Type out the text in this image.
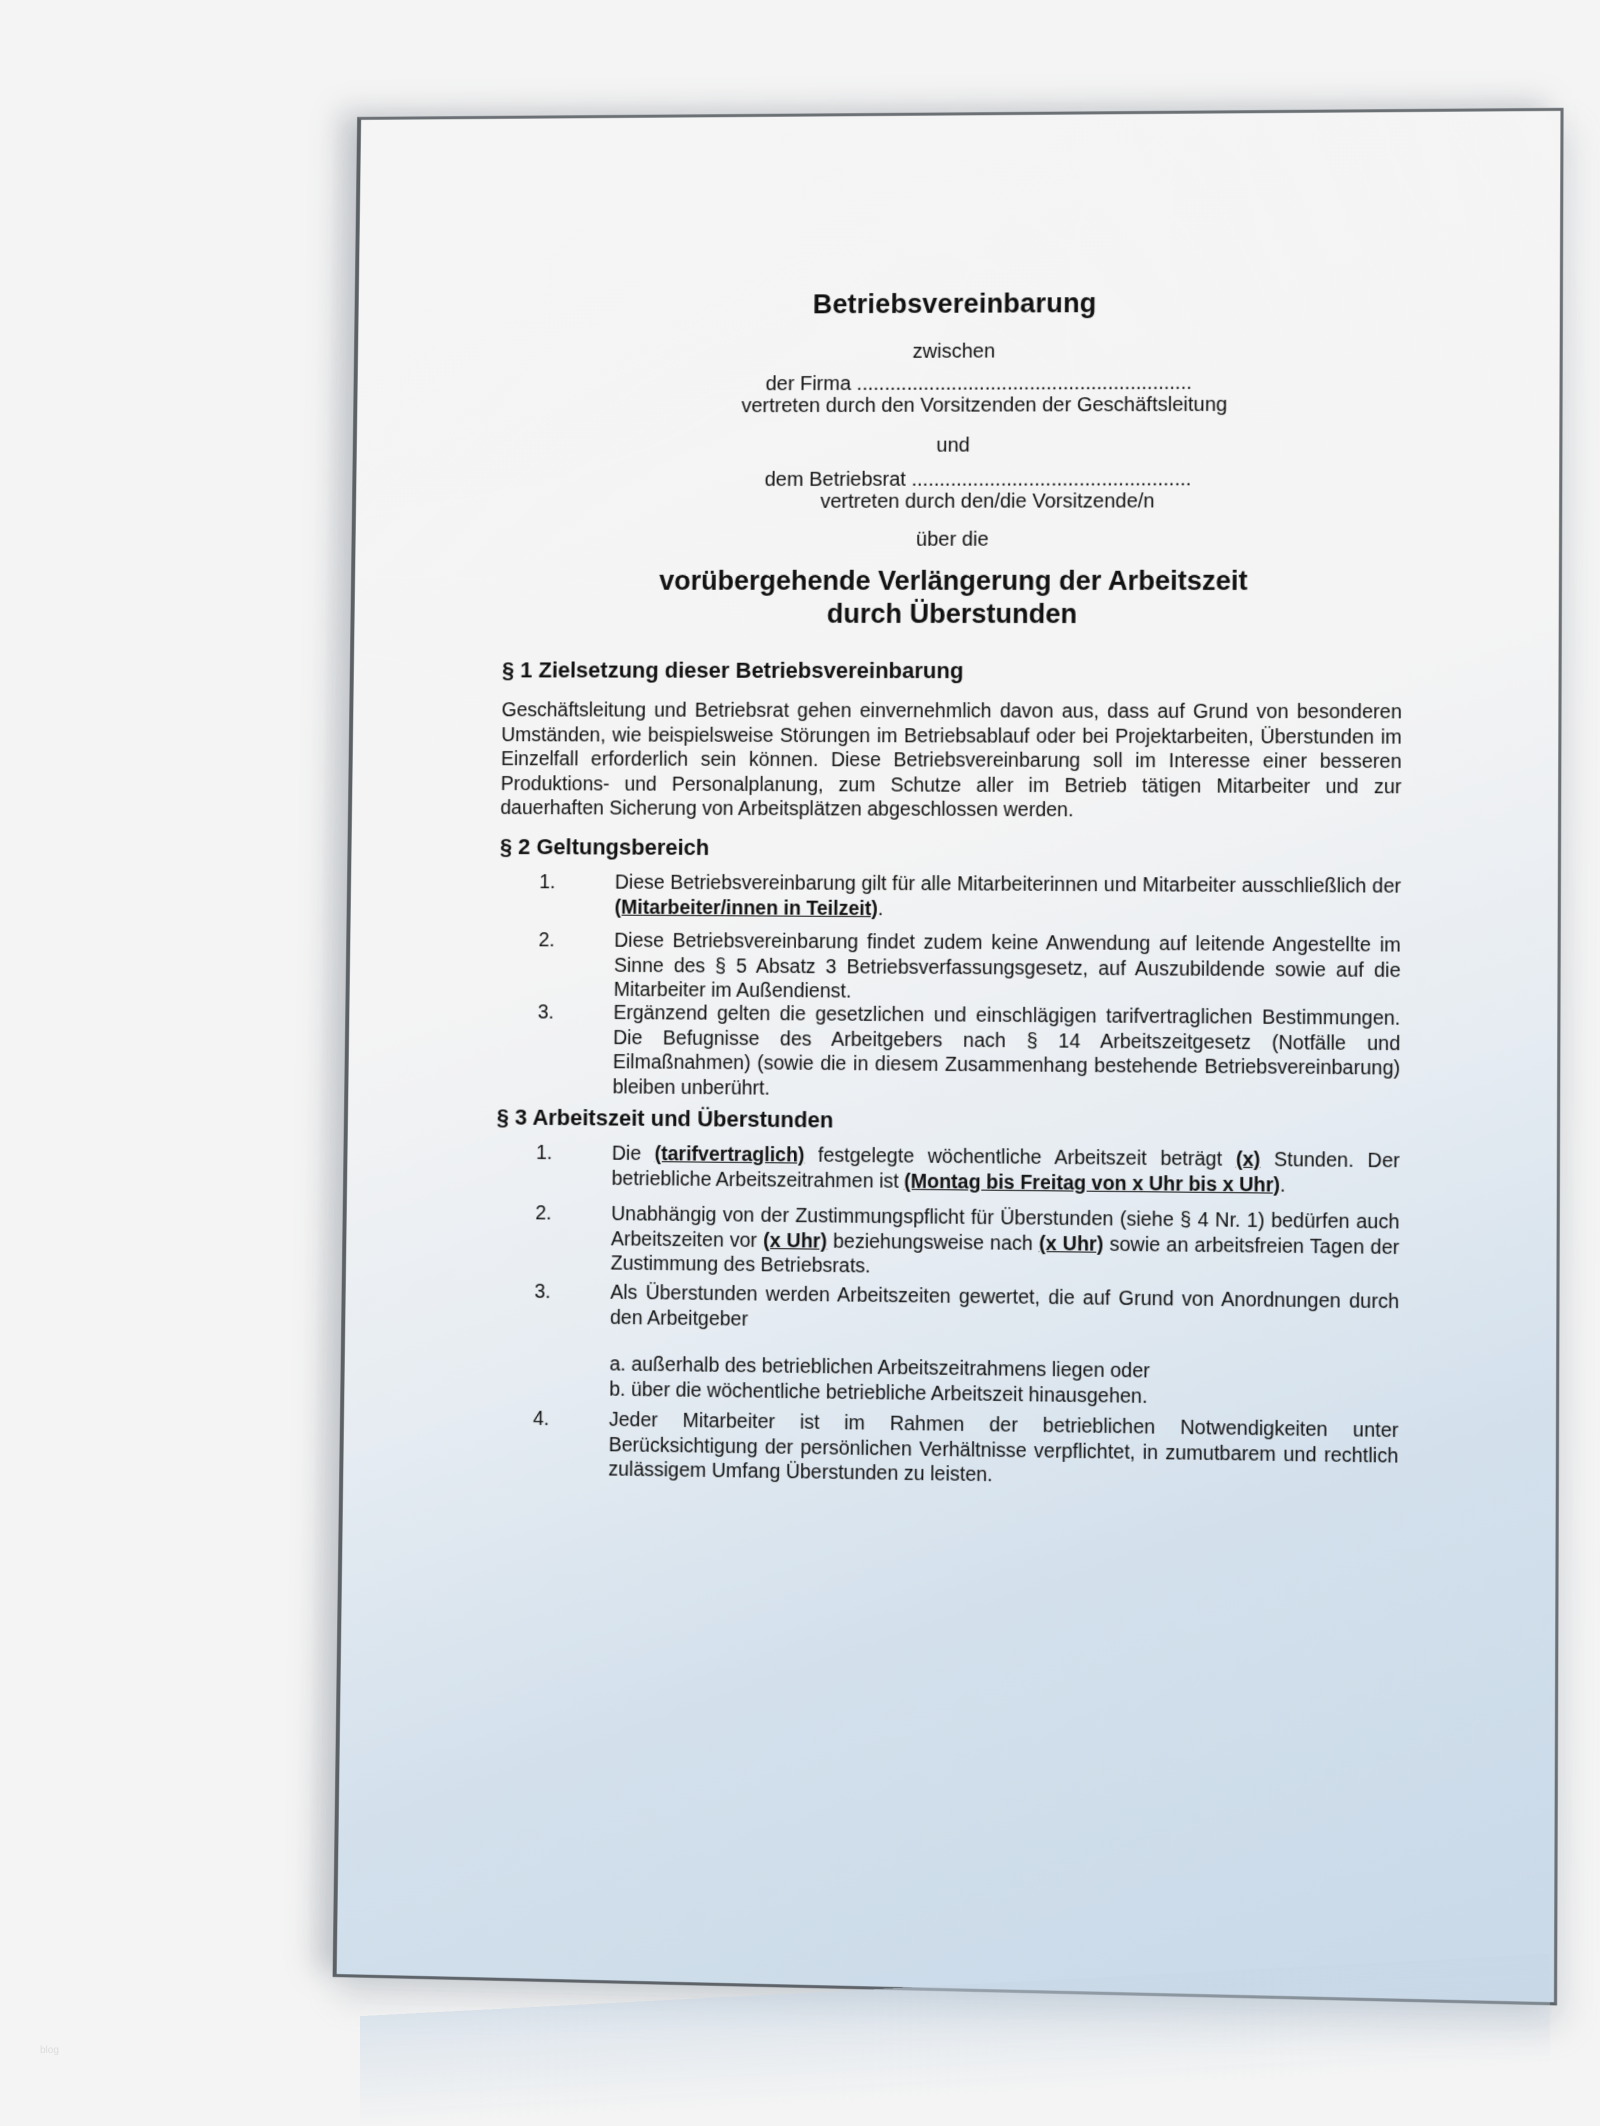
Betriebsvereinbarung
zwischen
der Firma ............................................................
vertreten durch den Vorsitzenden der Geschäftsleitung
und
dem Betriebsrat ..................................................
vertreten durch den/die Vorsitzende/n
über die
vorübergehende Verlängerung der Arbeitszeit
durch Überstunden
§ 1 Zielsetzung dieser Betriebsvereinbarung
Geschäftsleitung und Betriebsrat gehen einvernehmlich davon aus, dass auf Grund von besonderen Umständen, wie beispielsweise Störungen im Betriebsablauf oder bei Projektarbeiten, Überstunden im Einzelfall erforderlich sein können. Diese Betriebsvereinbarung soll im Interesse einer besseren Produktions- und Personalplanung, zum Schutze aller im Betrieb tätigen Mitarbeiter und zur dauerhaften Sicherung von Arbeitsplätzen abgeschlossen werden.
§ 2 Geltungsbereich
1.	Diese Betriebsvereinbarung gilt für alle Mitarbeiterinnen und Mitarbeiter ausschließlich der (Mitarbeiter/innen in Teilzeit).
2.	Diese Betriebsvereinbarung findet zudem keine Anwendung auf leitende Angestellte im Sinne des § 5 Absatz 3 Betriebsverfassungsgesetz, auf Auszubildende sowie auf die Mitarbeiter im Außendienst.
3.	Ergänzend gelten die gesetzlichen und einschlägigen tarifvertraglichen Bestimmungen. Die Befugnisse des Arbeitgebers nach § 14 Arbeitszeitgesetz (Notfälle und Eilmaßnahmen) (sowie die in diesem Zusammenhang bestehende Betriebsvereinbarung) bleiben unberührt.
§ 3 Arbeitszeit und Überstunden
1.	Die (tarifvertraglich) festgelegte wöchentliche Arbeitszeit beträgt (x) Stunden. Der betriebliche Arbeitszeitrahmen ist (Montag bis Freitag von x Uhr bis x Uhr).
2.	Unabhängig von der Zustimmungspflicht für Überstunden (siehe § 4 Nr. 1) bedürfen auch Arbeitszeiten vor (x Uhr) beziehungsweise nach (x Uhr) sowie an arbeitsfreien Tagen der Zustimmung des Betriebsrats.
3.	Als Überstunden werden Arbeitszeiten gewertet, die auf Grund von Anordnungen durch den Arbeitgeber
a. außerhalb des betrieblichen Arbeitszeitrahmens liegen oder
b. über die wöchentliche betriebliche Arbeitszeit hinausgehen.
4.	Jeder Mitarbeiter ist im Rahmen der betrieblichen Notwendigkeiten unter Berücksichtigung der persönlichen Verhältnisse verpflichtet, in zumutbarem und rechtlich zulässigem Umfang Überstunden zu leisten.
blog
